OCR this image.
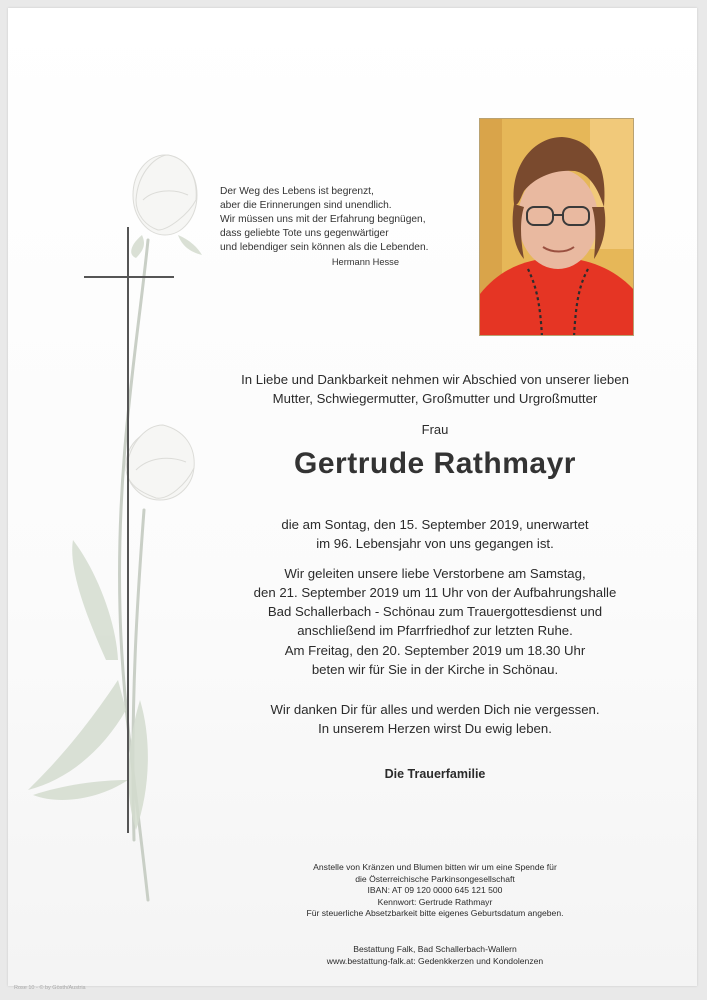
Der Weg des Lebens ist begrenzt,
aber die Erinnerungen sind unendlich.
Wir müssen uns mit der Erfahrung begnügen,
dass geliebte Tote uns gegenwärtiger
und lebendiger sein können als die Lebenden.
Hermann Hesse
In Liebe und Dankbarkeit nehmen wir Abschied von unserer lieben
Mutter, Schwiegermutter, Großmutter und Urgroßmutter
Frau
Gertrude Rathmayr
die am Sontag, den 15. September 2019, unerwartet
im 96. Lebensjahr von uns gegangen ist.
Wir geleiten unsere liebe Verstorbene am Samstag,
den 21. September 2019 um 11 Uhr von der Aufbahrungshalle
Bad Schallerbach - Schönau zum Trauergottesdienst und
anschließend im Pfarrfriedhof zur letzten Ruhe.
Am Freitag, den 20. September 2019 um 18.30 Uhr
beten wir für Sie in der Kirche in Schönau.
Wir danken Dir für alles und werden Dich nie vergessen.
In unserem Herzen wirst Du ewig leben.
Die Trauerfamilie
Anstelle von Kränzen und Blumen bitten wir um eine Spende für
die Österreichische Parkinsongesellschaft
IBAN: AT 09 120 0000 645 121 500
Kennwort: Gertrude Rathmayr
Für steuerliche Absetzbarkeit bitte eigenes Geburtsdatum angeben.
Bestattung Falk, Bad Schallerbach-Wallern
www.bestattung-falk.at: Gedenkkerzen und Kondolenzen
Rose 10 - © by Gösth/Austria
